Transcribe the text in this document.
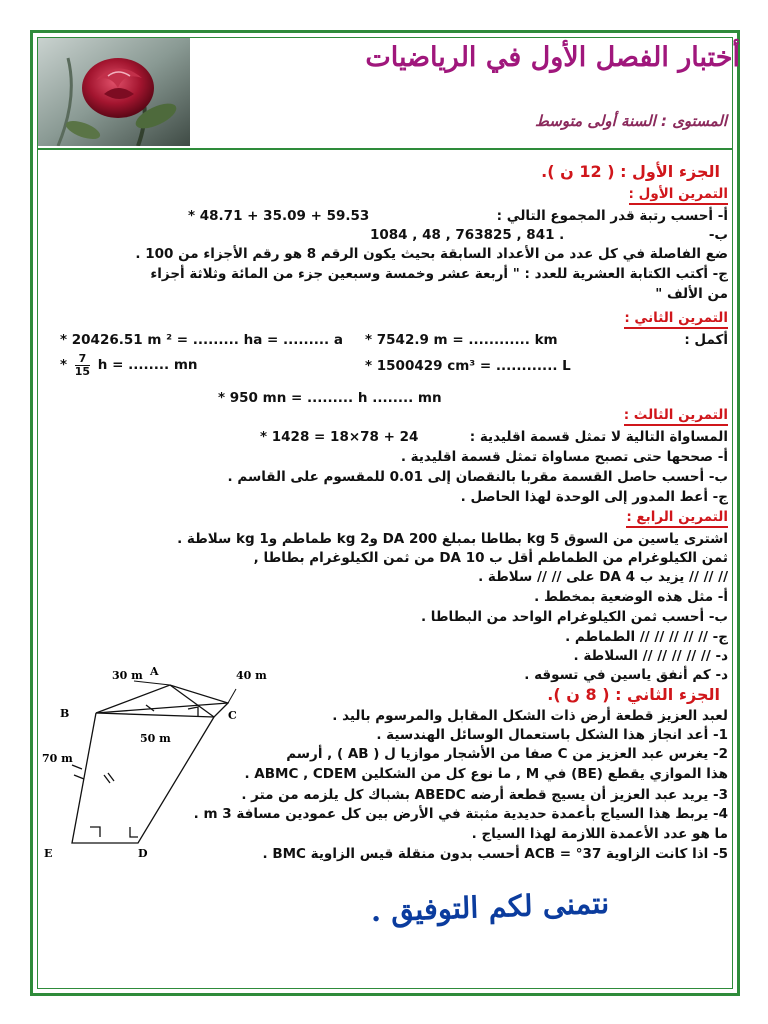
أختبار الفصل الأول في الرياضيات
المستوى : السنة أولى متوسط
الجزء الأول : ( 12 ن ).
التمرين الأول :
أ- أحسب رتبة قدر المجموع التالي :
* 48.71 + 35.09 + 59.53
ب-
1084 , 48 , 763825 , 841 .
ضع الفاصلة في كل عدد من الأعداد السابقة بحيث يكون الرقم 8 هو رقم الأجزاء من 100 .
ج- أكتب الكتابة العشرية للعدد : " أربعة عشر وخمسة وسبعين جزء من المائة وثلاثة أجزاء
من الألف "
التمرين الثاني :
أكمل :
* 20426.51 m ² = ......... ha = ......... a * 7542.9 m = ............ km
* $\frac{7}{15}$ h = ........ mn	* 1500429 cm³ = ............ L
* 950 mn = ......... h ........ mn
التمرين الثالث :
المساواة التالية لا تمثل قسمة اقليدية :
* 1428 = 18×78 + 24
أ- صححها حتى تصبح مساواة تمثل قسمة اقليدية .
ب- أحسب حاصل القسمة مقربا بالنقصان إلى 0.01 للمقسوم على القاسم .
ج- أعط المدور إلى الوحدة لهذا الحاصل .
التمرين الرابع :
اشترى ياسين من السوق 5 kg بطاطا بمبلغ 200 DA و2 kg طماطم و1 kg سلاطة .
ثمن الكيلوغرام من الطماطم أقل ب 10 DA من ثمن الكيلوغرام بطاطا ,
// // // يزيد ب 4 DA على // // سلاطة .
أ- مثل هذه الوضعية بمخطط .
ب- أحسب ثمن الكيلوغرام الواحد من البطاطا .
ج- // // // // // الطماطم .
د- // // // // // السلاطة .
د- كم أنفق ياسين في تسوقه .
الجزء الثاني : ( 8 ن ).
لعبد العزيز قطعة أرض ذات الشكل المقابل والمرسوم باليد .
1- أعد انجاز هذا الشكل باستعمال الوسائل الهندسية .
2- يغرس عبد العزيز من C صفا من الأشجار موازيا ل ( AB ) , أرسم
هذا الموازي يقطع (BE) في M , ما نوع كل من الشكلين ABMC , CDEM .
3- يريد عبد العزيز أن يسيج قطعة أرضه ABEDC بشباك كل يلزمه من متر .
4- يربط هذا السياج بأعمدة حديدية مثبتة في الأرض بين كل عمودين مسافة 3 m .
ما هو عدد الأعمدة اللازمة لهذا السياج .
5- اذا كانت الزاوية 37° = ACB أحسب بدون منقلة قيس الزاوية BMC .
A
B	C
E	D
30 m	40 m
50 m
70 m
نتمنى لكم التوفيق .
